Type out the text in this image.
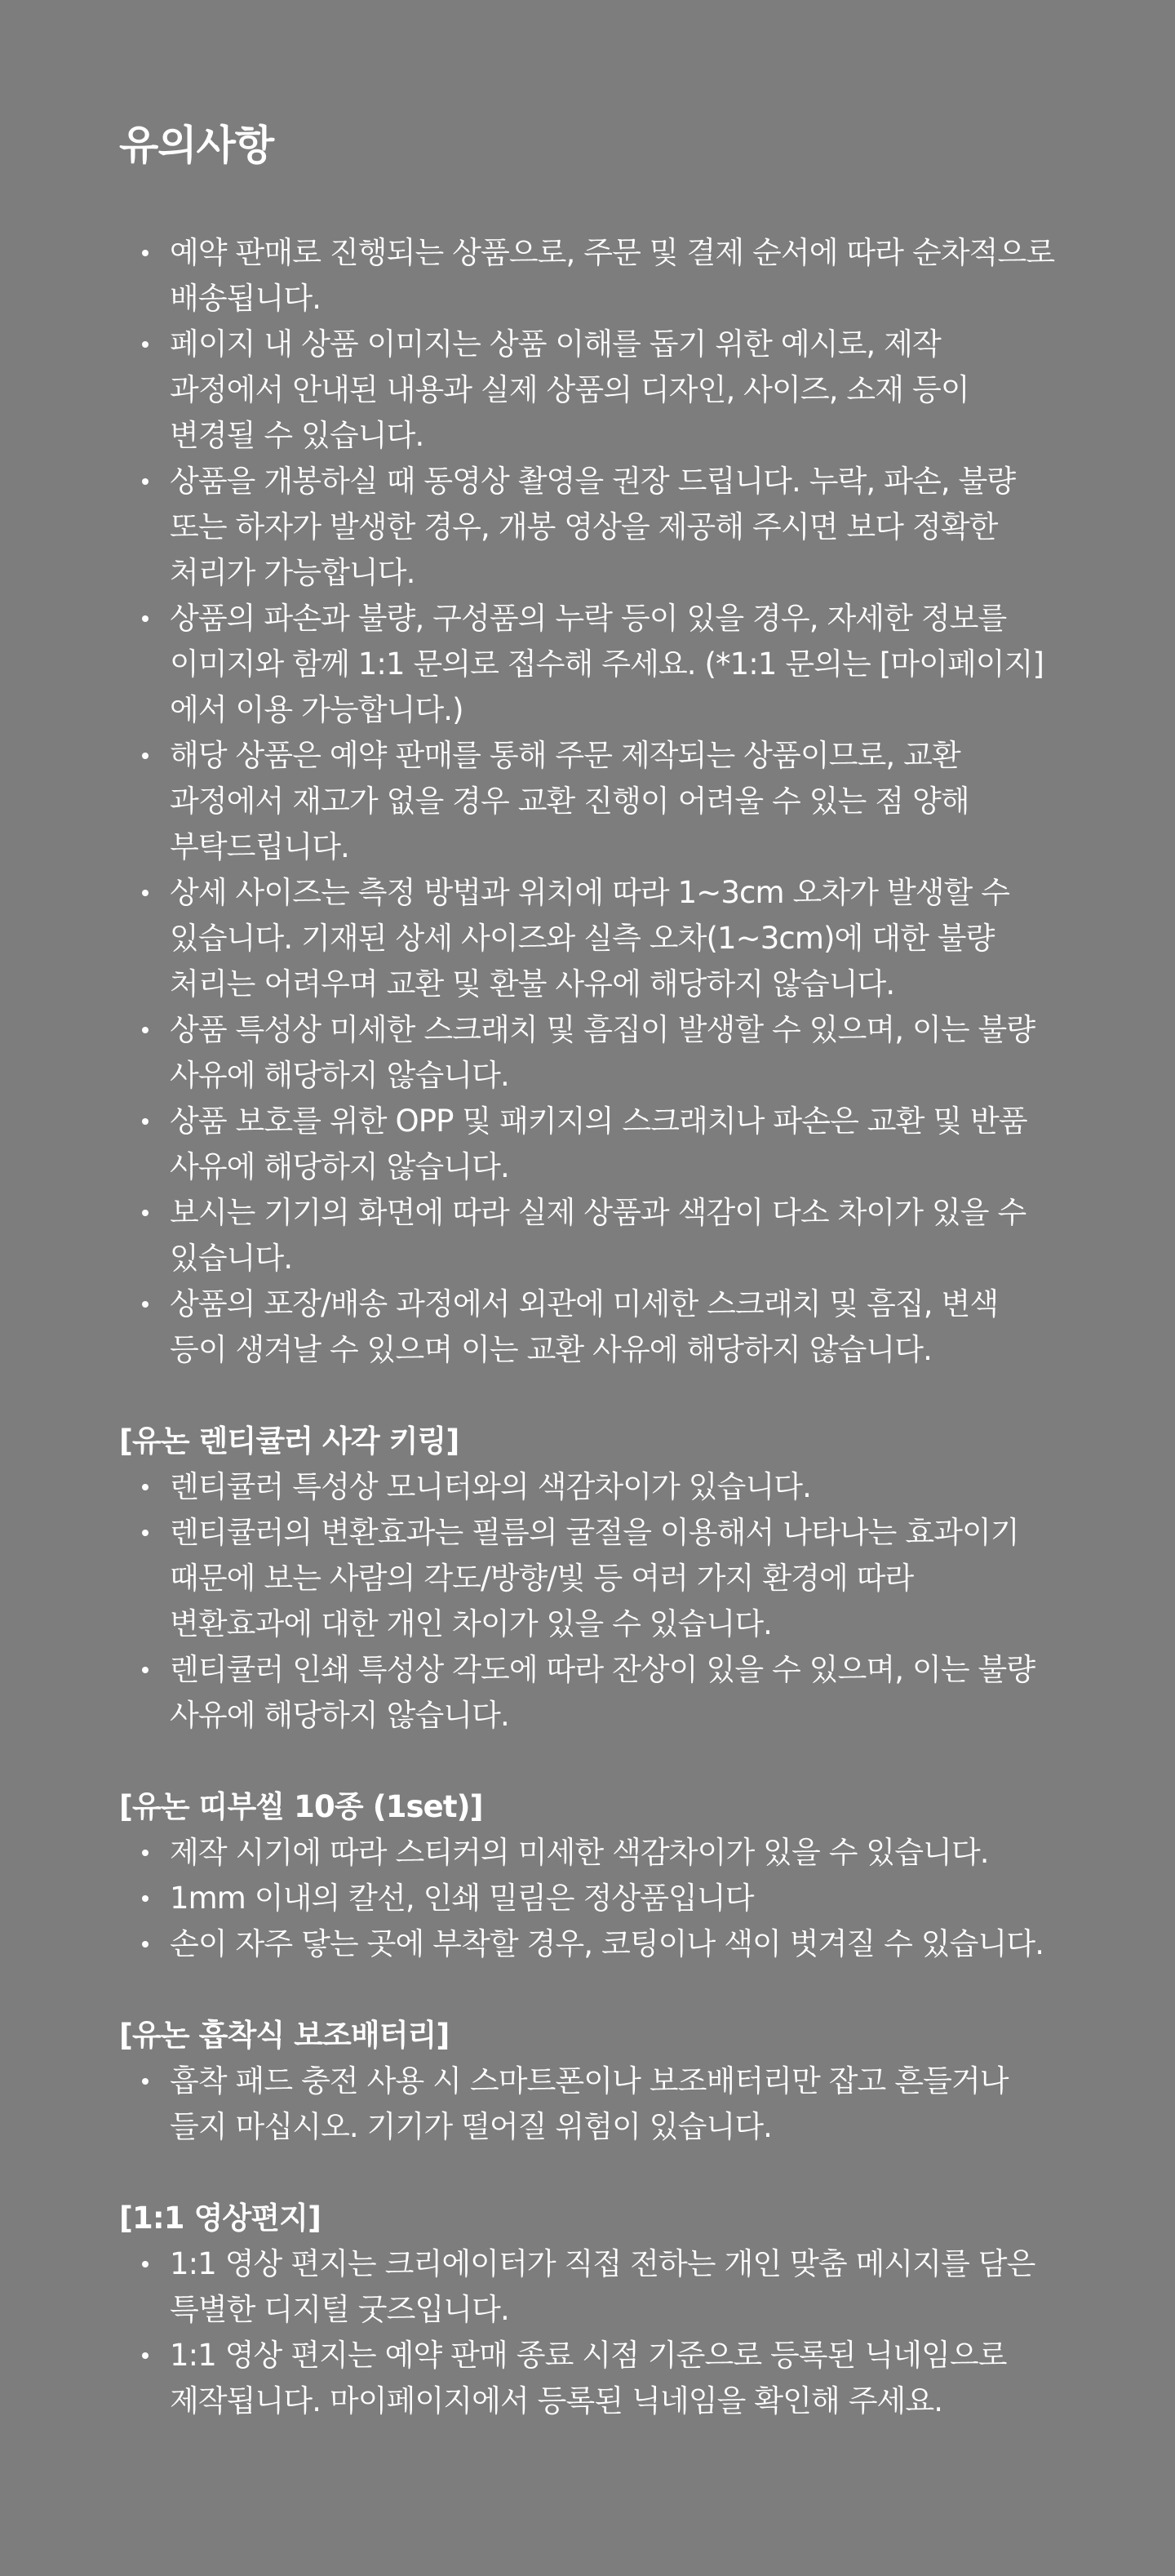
유의사항
예약 판매로 진행되는 상품으로, 주문 및 결제 순서에 따라 순차적으로 배송됩니다.
페이지 내 상품 이미지는 상품 이해를 돕기 위한 예시로, 제작 과정에서 안내된 내용과 실제 상품의 디자인, 사이즈, 소재 등이 변경될 수 있습니다.
상품을 개봉하실 때 동영상 촬영을 권장 드립니다. 누락, 파손, 불량 또는 하자가 발생한 경우, 개봉 영상을 제공해 주시면 보다 정확한 처리가 가능합니다.
상품의 파손과 불량, 구성품의 누락 등이 있을 경우, 자세한 정보를 이미지와 함께 1:1 문의로 접수해 주세요. (*1:1 문의는 [마이페이지]에서 이용 가능합니다.)
해당 상품은 예약 판매를 통해 주문 제작되는 상품이므로, 교환 과정에서 재고가 없을 경우 교환 진행이 어려울 수 있는 점 양해 부탁드립니다.
상세 사이즈는 측정 방법과 위치에 따라 1~3cm 오차가 발생할 수 있습니다. 기재된 상세 사이즈와 실측 오차(1~3cm)에 대한 불량 처리는 어려우며 교환 및 환불 사유에 해당하지 않습니다.
상품 특성상 미세한 스크래치 및 흠집이 발생할 수 있으며, 이는 불량 사유에 해당하지 않습니다.
상품 보호를 위한 OPP 및 패키지의 스크래치나 파손은 교환 및 반품 사유에 해당하지 않습니다.
보시는 기기의 화면에 따라 실제 상품과 색감이 다소 차이가 있을 수 있습니다.
상품의 포장/배송 과정에서 외관에 미세한 스크래치 및 흠집, 변색 등이 생겨날 수 있으며 이는 교환 사유에 해당하지 않습니다.
[유논 렌티큘러 사각 키링]
렌티큘러 특성상 모니터와의 색감차이가 있습니다.
렌티큘러의 변환효과는 필름의 굴절을 이용해서 나타나는 효과이기 때문에 보는 사람의 각도/방향/빛 등 여러 가지 환경에 따라 변환효과에 대한 개인 차이가 있을 수 있습니다.
렌티큘러 인쇄 특성상 각도에 따라 잔상이 있을 수 있으며, 이는 불량 사유에 해당하지 않습니다.
[유논 띠부씰 10종 (1set)]
제작 시기에 따라 스티커의 미세한 색감차이가 있을 수 있습니다.
1mm 이내의 칼선, 인쇄 밀림은 정상품입니다
손이 자주 닿는 곳에 부착할 경우, 코팅이나 색이 벗겨질 수 있습니다.
[유논 흡착식 보조배터리]
흡착 패드 충전 사용 시 스마트폰이나 보조배터리만 잡고 흔들거나 들지 마십시오. 기기가 떨어질 위험이 있습니다.
[1:1 영상편지]
1:1 영상 편지는 크리에이터가 직접 전하는 개인 맞춤 메시지를 담은 특별한 디지털 굿즈입니다.
1:1 영상 편지는 예약 판매 종료 시점 기준으로 등록된 닉네임으로 제작됩니다. 마이페이지에서 등록된 닉네임을 확인해 주세요.
